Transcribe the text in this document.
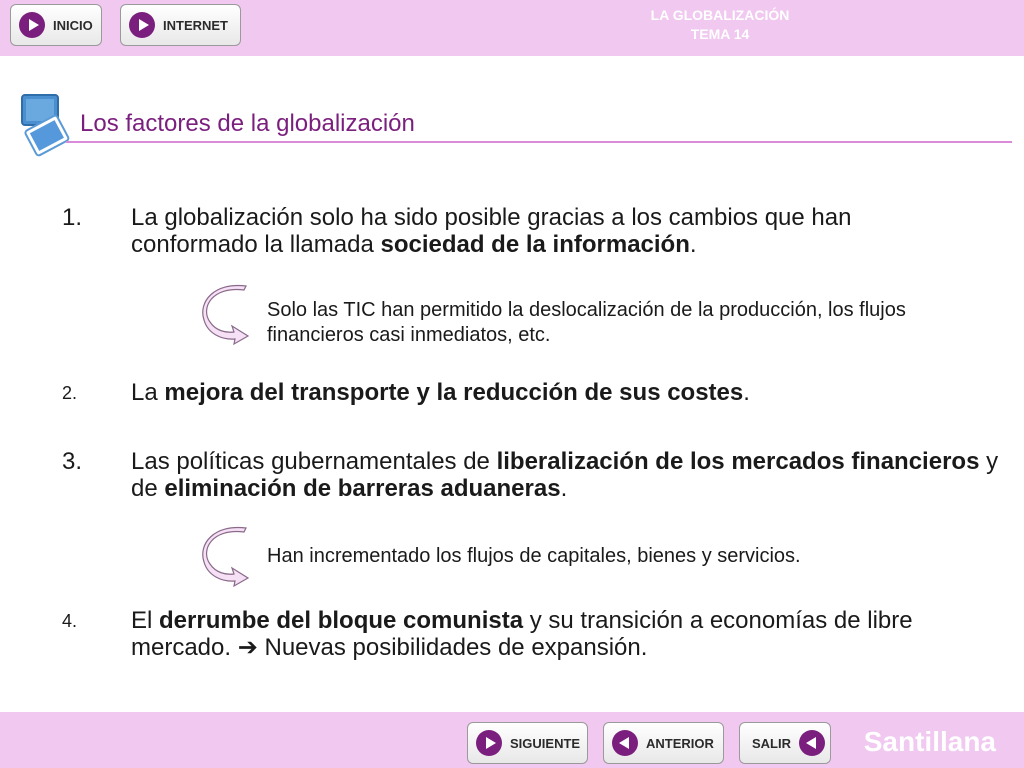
INICIO	INTERNET
LA GLOBALIZACIÓN
TEMA 14
Los factores de la globalización
1. La globalización solo ha sido posible gracias a los cambios que han conformado la llamada sociedad de la información.
Solo las TIC han permitido la deslocalización de la producción, los flujos financieros casi inmediatos, etc.
2. La mejora del transporte y la reducción de sus costes.
3. Las políticas gubernamentales de liberalización de los mercados financieros y de eliminación de barreras aduaneras.
Han incrementado los flujos de capitales, bienes y servicios.
4. El derrumbe del bloque comunista y su transición a economías de libre mercado. ➔ Nuevas posibilidades de expansión.
SIGUIENTE	ANTERIOR	SALIR	Santillana
